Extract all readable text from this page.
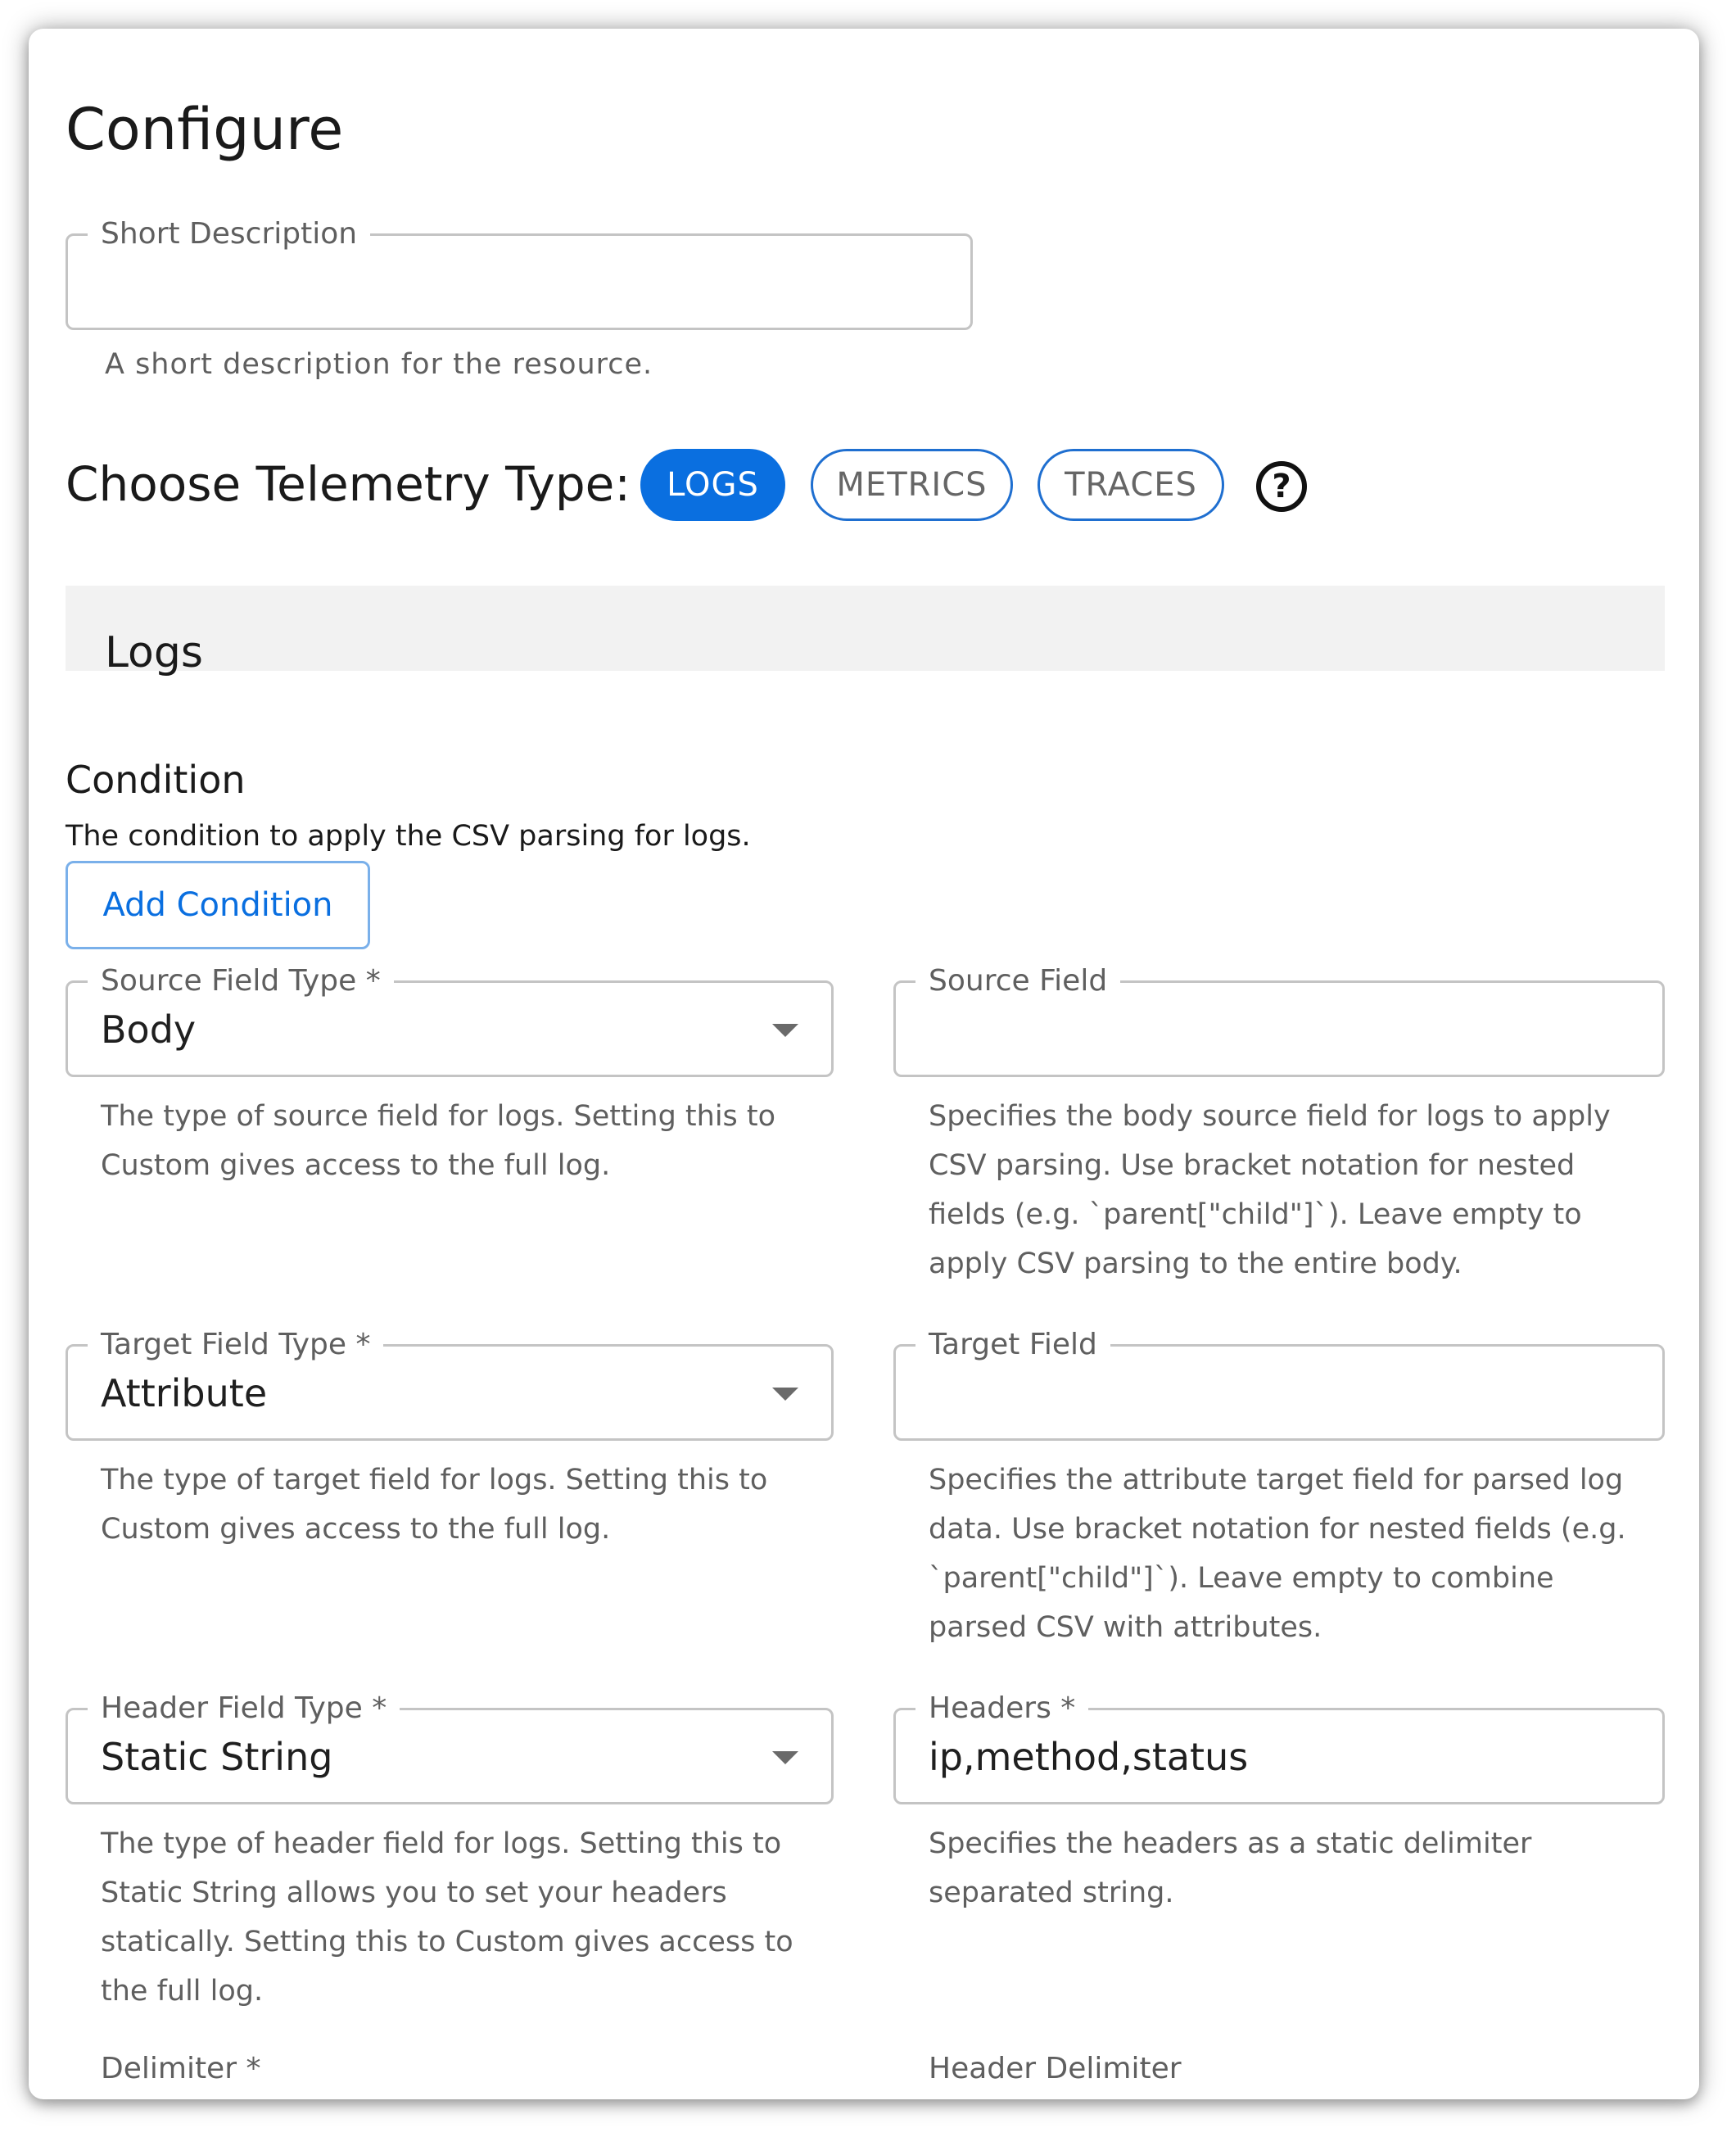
Configure
Short Description
A short description for the resource.
Choose Telemetry Type:	LOGS	METRICS	TRACES	?
Logs
Condition
The condition to apply the CSV parsing for logs.
Add Condition
Source Field Type *
Body
The type of source field for logs. Setting this to
Custom gives access to the full log.
Source Field
Specifies the body source field for logs to apply
CSV parsing. Use bracket notation for nested
fields (e.g. `parent["child"]`). Leave empty to
apply CSV parsing to the entire body.
Target Field Type *
Attribute
The type of target field for logs. Setting this to
Custom gives access to the full log.
Target Field
Specifies the attribute target field for parsed log
data. Use bracket notation for nested fields (e.g.
`parent["child"]`). Leave empty to combine
parsed CSV with attributes.
Header Field Type *
Static String
The type of header field for logs. Setting this to
Static String allows you to set your headers
statically. Setting this to Custom gives access to
the full log.
Headers *
ip,method,status
Specifies the headers as a static delimiter
separated string.
Delimiter *	Header Delimiter
